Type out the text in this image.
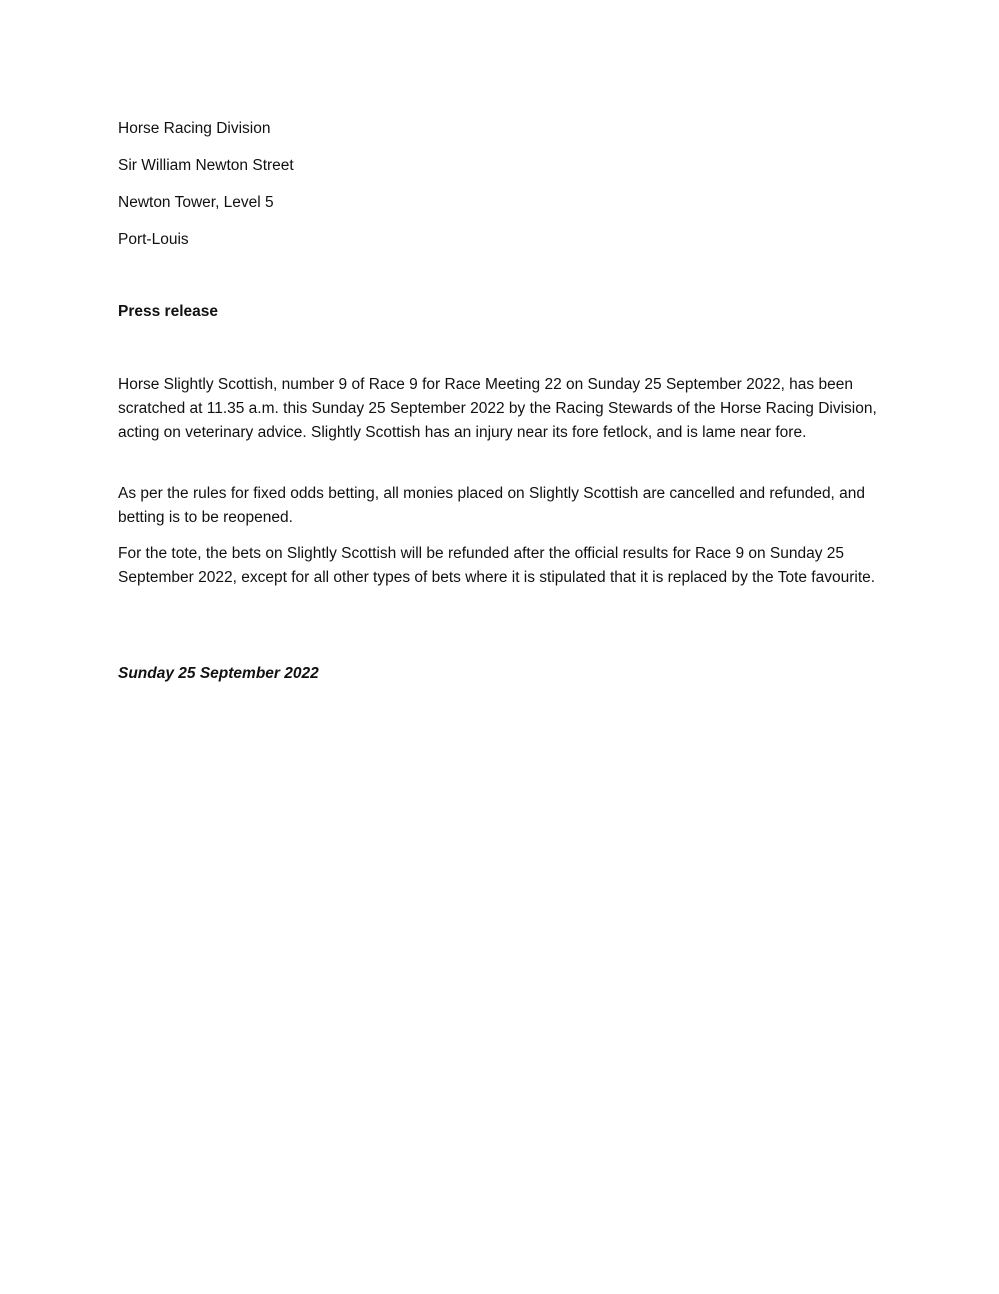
Horse Racing Division
Sir William Newton Street
Newton Tower, Level 5
Port-Louis
Press release

Horse Slightly Scottish, number 9 of Race 9 for Race Meeting 22 on Sunday 25 September 2022, has been scratched at 11.35 a.m. this Sunday 25 September 2022 by the Racing Stewards of the Horse Racing Division, acting on veterinary advice. Slightly Scottish has an injury near its fore fetlock, and is lame near fore.

As per the rules for fixed odds betting, all monies placed on Slightly Scottish are cancelled and refunded, and betting is to be reopened.

For the tote, the bets on Slightly Scottish will be refunded after the official results for Race 9 on Sunday 25 September 2022, except for all other types of bets where it is stipulated that it is replaced by the Tote favourite.

Sunday 25 September 2022
